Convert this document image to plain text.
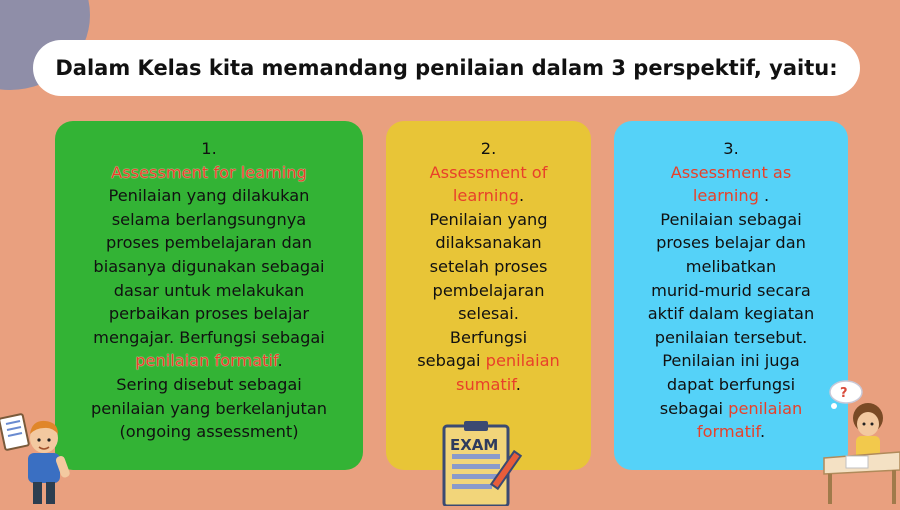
Dalam Kelas kita memandang penilaian dalam 3 perspektif, yaitu:
1.
Assessment for learning
Penilaian yang dilakukan
selama berlangsungnya
proses pembelajaran dan
biasanya digunakan sebagai
dasar untuk melakukan
perbaikan proses belajar
mengajar. Berfungsi sebagai
penilaian formatif.
Sering disebut sebagai
penilaian yang berkelanjutan
(ongoing assessment)
2.
Assessment of
learning.
Penilaian yang
dilaksanakan
setelah proses
pembelajaran
selesai.
Berfungsi
sebagai penilaian
sumatif.
3.
Assessment as
learning .
Penilaian sebagai
proses belajar dan
melibatkan
murid-murid secara
aktif dalam kegiatan
penilaian tersebut.
Penilaian ini juga
dapat berfungsi
sebagai penilaian
formatif.
EXAM
?
